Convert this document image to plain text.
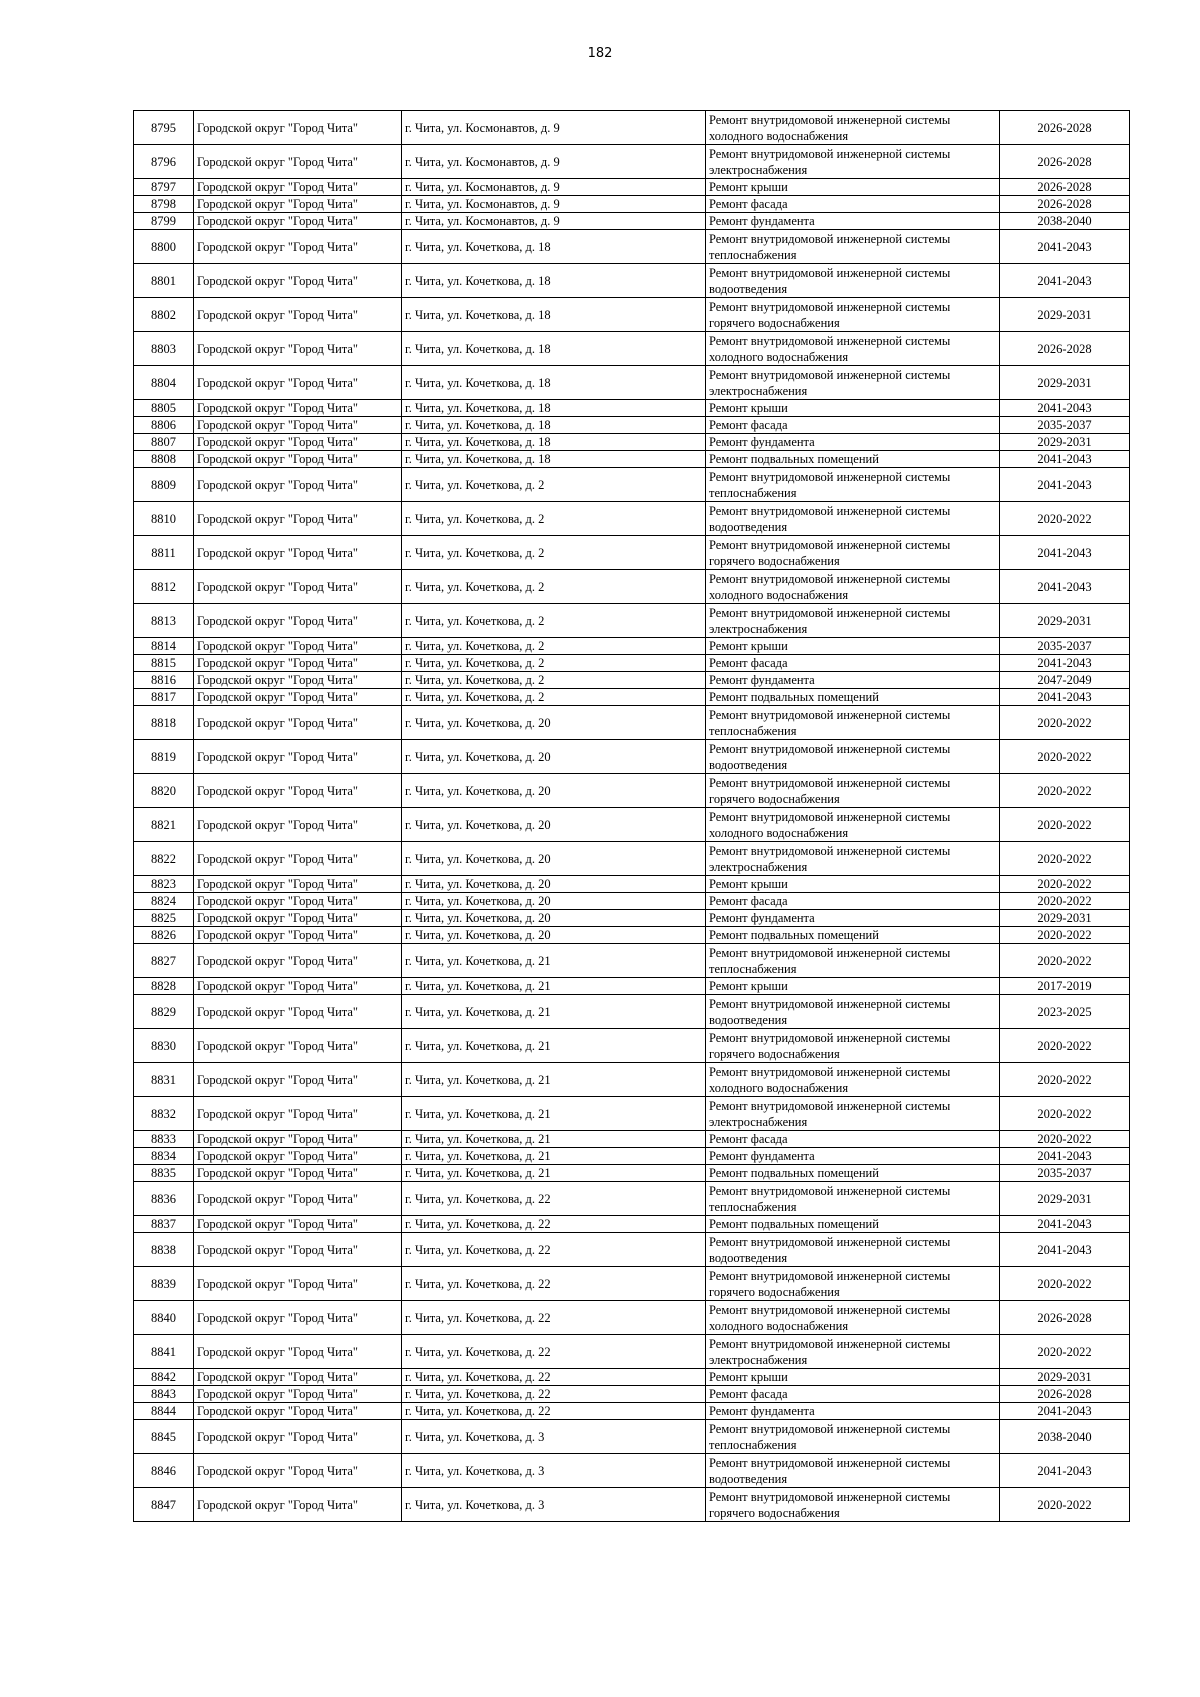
182
8795	Городской округ "Город Чита"	г. Чита, ул. Космонавтов, д. 9	Ремонт внутридомовой инженерной системы холодного водоснабжения	2026-2028
8796	Городской округ "Город Чита"	г. Чита, ул. Космонавтов, д. 9	Ремонт внутридомовой инженерной системы электроснабжения	2026-2028
8797	Городской округ "Город Чита"	г. Чита, ул. Космонавтов, д. 9	Ремонт крыши	2026-2028
8798	Городской округ "Город Чита"	г. Чита, ул. Космонавтов, д. 9	Ремонт фасада	2026-2028
8799	Городской округ "Город Чита"	г. Чита, ул. Космонавтов, д. 9	Ремонт фундамента	2038-2040
8800	Городской округ "Город Чита"	г. Чита, ул. Кочеткова, д. 18	Ремонт внутридомовой инженерной системы теплоснабжения	2041-2043
8801	Городской округ "Город Чита"	г. Чита, ул. Кочеткова, д. 18	Ремонт внутридомовой инженерной системы водоотведения	2041-2043
8802	Городской округ "Город Чита"	г. Чита, ул. Кочеткова, д. 18	Ремонт внутридомовой инженерной системы горячего водоснабжения	2029-2031
8803	Городской округ "Город Чита"	г. Чита, ул. Кочеткова, д. 18	Ремонт внутридомовой инженерной системы холодного водоснабжения	2026-2028
8804	Городской округ "Город Чита"	г. Чита, ул. Кочеткова, д. 18	Ремонт внутридомовой инженерной системы электроснабжения	2029-2031
8805	Городской округ "Город Чита"	г. Чита, ул. Кочеткова, д. 18	Ремонт крыши	2041-2043
8806	Городской округ "Город Чита"	г. Чита, ул. Кочеткова, д. 18	Ремонт фасада	2035-2037
8807	Городской округ "Город Чита"	г. Чита, ул. Кочеткова, д. 18	Ремонт фундамента	2029-2031
8808	Городской округ "Город Чита"	г. Чита, ул. Кочеткова, д. 18	Ремонт подвальных помещений	2041-2043
8809	Городской округ "Город Чита"	г. Чита, ул. Кочеткова, д. 2	Ремонт внутридомовой инженерной системы теплоснабжения	2041-2043
8810	Городской округ "Город Чита"	г. Чита, ул. Кочеткова, д. 2	Ремонт внутридомовой инженерной системы водоотведения	2020-2022
8811	Городской округ "Город Чита"	г. Чита, ул. Кочеткова, д. 2	Ремонт внутридомовой инженерной системы горячего водоснабжения	2041-2043
8812	Городской округ "Город Чита"	г. Чита, ул. Кочеткова, д. 2	Ремонт внутридомовой инженерной системы холодного водоснабжения	2041-2043
8813	Городской округ "Город Чита"	г. Чита, ул. Кочеткова, д. 2	Ремонт внутридомовой инженерной системы электроснабжения	2029-2031
8814	Городской округ "Город Чита"	г. Чита, ул. Кочеткова, д. 2	Ремонт крыши	2035-2037
8815	Городской округ "Город Чита"	г. Чита, ул. Кочеткова, д. 2	Ремонт фасада	2041-2043
8816	Городской округ "Город Чита"	г. Чита, ул. Кочеткова, д. 2	Ремонт фундамента	2047-2049
8817	Городской округ "Город Чита"	г. Чита, ул. Кочеткова, д. 2	Ремонт подвальных помещений	2041-2043
8818	Городской округ "Город Чита"	г. Чита, ул. Кочеткова, д. 20	Ремонт внутридомовой инженерной системы теплоснабжения	2020-2022
8819	Городской округ "Город Чита"	г. Чита, ул. Кочеткова, д. 20	Ремонт внутридомовой инженерной системы водоотведения	2020-2022
8820	Городской округ "Город Чита"	г. Чита, ул. Кочеткова, д. 20	Ремонт внутридомовой инженерной системы горячего водоснабжения	2020-2022
8821	Городской округ "Город Чита"	г. Чита, ул. Кочеткова, д. 20	Ремонт внутридомовой инженерной системы холодного водоснабжения	2020-2022
8822	Городской округ "Город Чита"	г. Чита, ул. Кочеткова, д. 20	Ремонт внутридомовой инженерной системы электроснабжения	2020-2022
8823	Городской округ "Город Чита"	г. Чита, ул. Кочеткова, д. 20	Ремонт крыши	2020-2022
8824	Городской округ "Город Чита"	г. Чита, ул. Кочеткова, д. 20	Ремонт фасада	2020-2022
8825	Городской округ "Город Чита"	г. Чита, ул. Кочеткова, д. 20	Ремонт фундамента	2029-2031
8826	Городской округ "Город Чита"	г. Чита, ул. Кочеткова, д. 20	Ремонт подвальных помещений	2020-2022
8827	Городской округ "Город Чита"	г. Чита, ул. Кочеткова, д. 21	Ремонт внутридомовой инженерной системы теплоснабжения	2020-2022
8828	Городской округ "Город Чита"	г. Чита, ул. Кочеткова, д. 21	Ремонт крыши	2017-2019
8829	Городской округ "Город Чита"	г. Чита, ул. Кочеткова, д. 21	Ремонт внутридомовой инженерной системы водоотведения	2023-2025
8830	Городской округ "Город Чита"	г. Чита, ул. Кочеткова, д. 21	Ремонт внутридомовой инженерной системы горячего водоснабжения	2020-2022
8831	Городской округ "Город Чита"	г. Чита, ул. Кочеткова, д. 21	Ремонт внутридомовой инженерной системы холодного водоснабжения	2020-2022
8832	Городской округ "Город Чита"	г. Чита, ул. Кочеткова, д. 21	Ремонт внутридомовой инженерной системы электроснабжения	2020-2022
8833	Городской округ "Город Чита"	г. Чита, ул. Кочеткова, д. 21	Ремонт фасада	2020-2022
8834	Городской округ "Город Чита"	г. Чита, ул. Кочеткова, д. 21	Ремонт фундамента	2041-2043
8835	Городской округ "Город Чита"	г. Чита, ул. Кочеткова, д. 21	Ремонт подвальных помещений	2035-2037
8836	Городской округ "Город Чита"	г. Чита, ул. Кочеткова, д. 22	Ремонт внутридомовой инженерной системы теплоснабжения	2029-2031
8837	Городской округ "Город Чита"	г. Чита, ул. Кочеткова, д. 22	Ремонт подвальных помещений	2041-2043
8838	Городской округ "Город Чита"	г. Чита, ул. Кочеткова, д. 22	Ремонт внутридомовой инженерной системы водоотведения	2041-2043
8839	Городской округ "Город Чита"	г. Чита, ул. Кочеткова, д. 22	Ремонт внутридомовой инженерной системы горячего водоснабжения	2020-2022
8840	Городской округ "Город Чита"	г. Чита, ул. Кочеткова, д. 22	Ремонт внутридомовой инженерной системы холодного водоснабжения	2026-2028
8841	Городской округ "Город Чита"	г. Чита, ул. Кочеткова, д. 22	Ремонт внутридомовой инженерной системы электроснабжения	2020-2022
8842	Городской округ "Город Чита"	г. Чита, ул. Кочеткова, д. 22	Ремонт крыши	2029-2031
8843	Городской округ "Город Чита"	г. Чита, ул. Кочеткова, д. 22	Ремонт фасада	2026-2028
8844	Городской округ "Город Чита"	г. Чита, ул. Кочеткова, д. 22	Ремонт фундамента	2041-2043
8845	Городской округ "Город Чита"	г. Чита, ул. Кочеткова, д. 3	Ремонт внутридомовой инженерной системы теплоснабжения	2038-2040
8846	Городской округ "Город Чита"	г. Чита, ул. Кочеткова, д. 3	Ремонт внутридомовой инженерной системы водоотведения	2041-2043
8847	Городской округ "Город Чита"	г. Чита, ул. Кочеткова, д. 3	Ремонт внутридомовой инженерной системы горячего водоснабжения	2020-2022
